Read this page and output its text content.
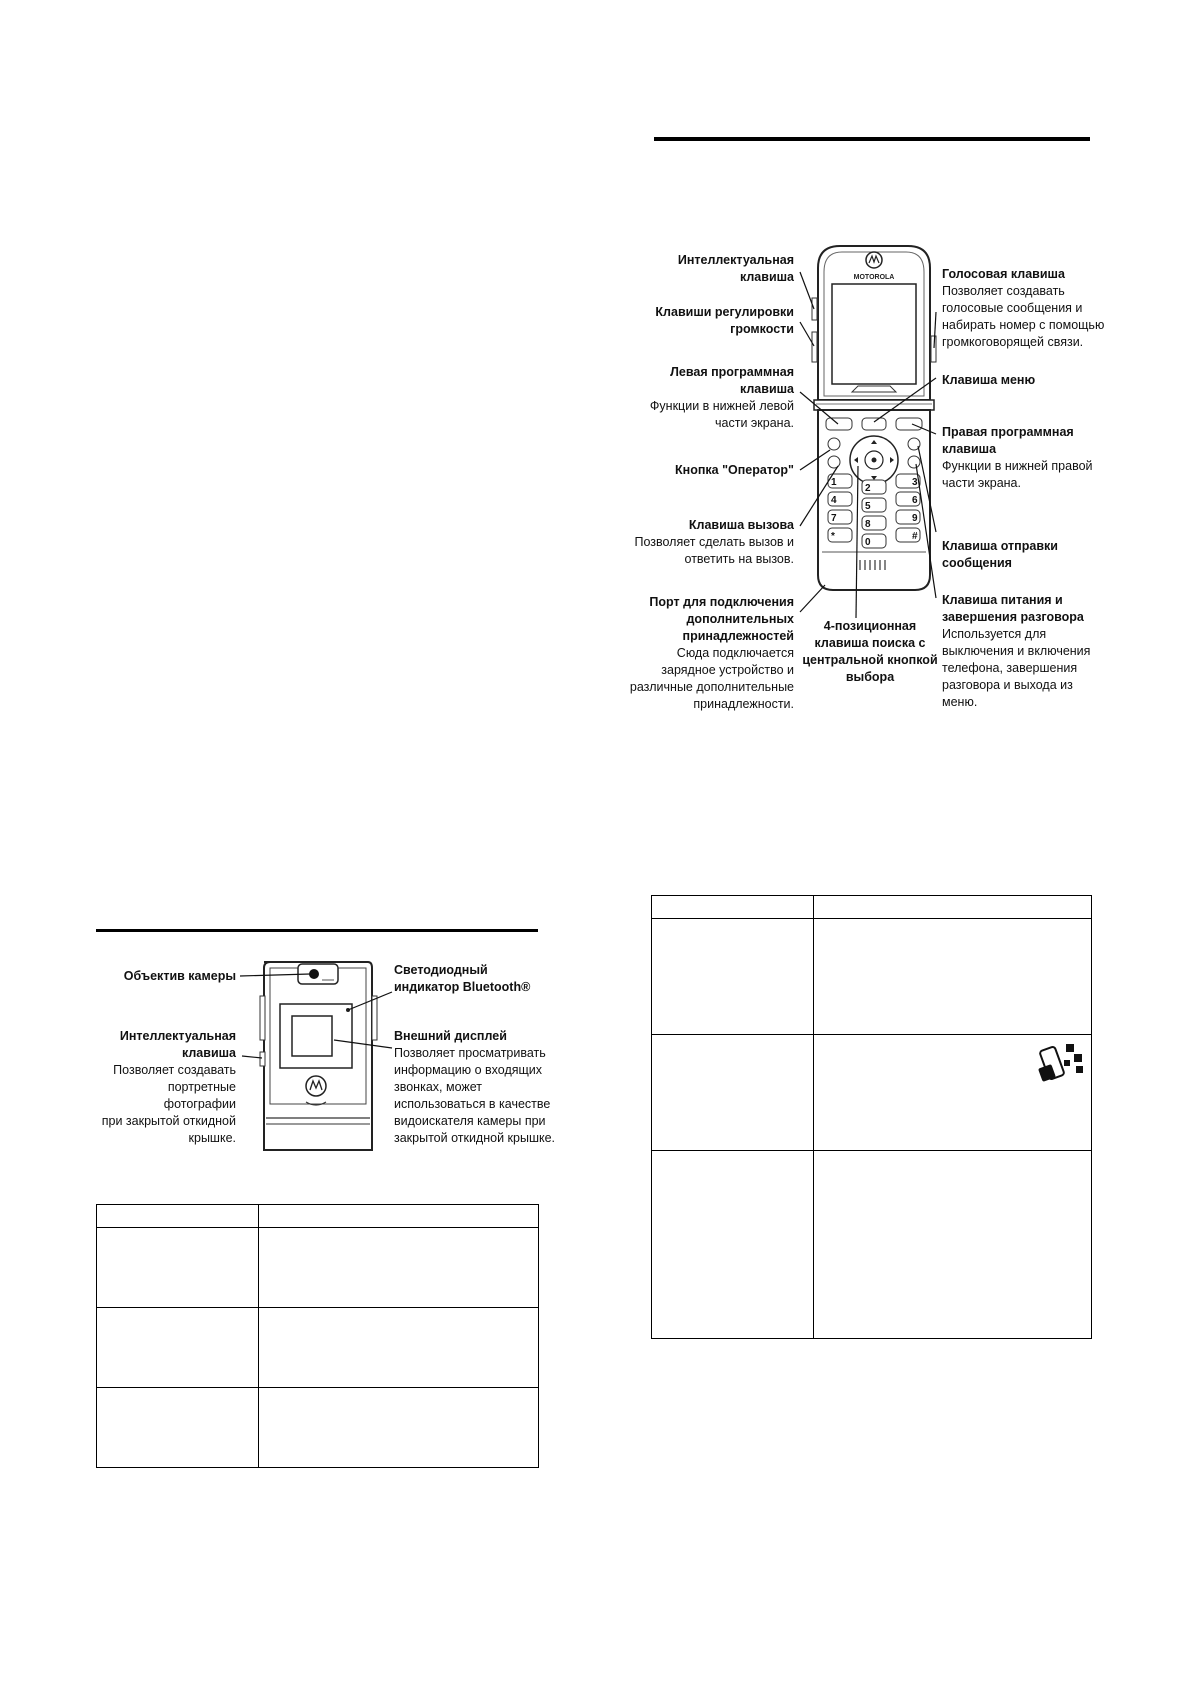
MOTOROLA
1
2
3
4
5
6
7
8
9
*
0
#
Интеллектуальная
клавиша
Клавиши регулировки
громкости
Левая программная
клавиша
Функции в нижней левой
части экрана.
Кнопка "Оператор"
Клавиша вызова
Позволяет сделать вызов и
ответить на вызов.
Порт для подключения
дополнительных
принадлежностей
Сюда подключается
зарядное устройство и
различные дополнительные
принадлежности.
Голосовая клавиша
Позволяет создавать
голосовые сообщения и
набирать номер с помощью
громкоговорящей связи.
Клавиша меню
Правая программная
клавиша
Функции в нижней правой
части экрана.
Клавиша отправки
сообщения
Клавиша питания и
завершения разговора
Используется для
выключения и включения
телефона, завершения
разговора и выхода из
меню.
4-позиционная
клавиша поиска с
центральной кнопкой
выбора
Объектив камеры
Интеллектуальная
клавиша
Позволяет создавать
портретные фотографии
при закрытой откидной
крышке.
Светодиодный
индикатор Bluetooth®
Внешний дисплей
Позволяет просматривать
информацию о входящих
звонках, может
использоваться в качестве
видоискателя камеры при
закрытой откидной крышке.
